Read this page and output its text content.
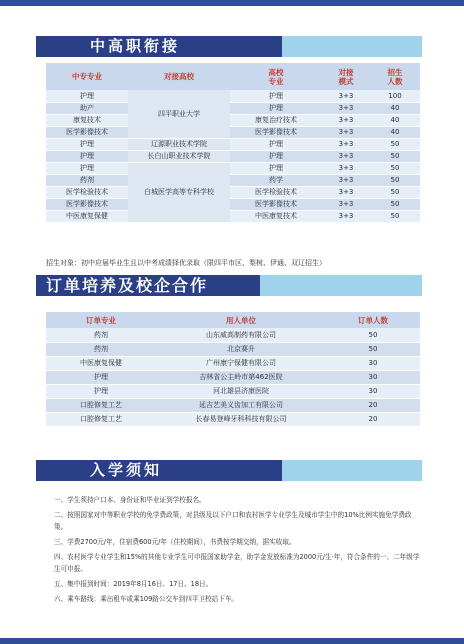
中高职衔接
中专专业	对接高校	高校专业	对接模式	招生人数
护理	四平职业大学	护理	3+3	100
助产		护理	3+3	40
康复技术		康复治疗技术	3+3	40
医学影像技术		医学影像技术	3+3	40
护理	辽源职业技术学院	护理	3+3	50
护理	长白山职业技术学院	护理	3+3	50
护理	白城医学高等专科学校	护理	3+3	50
药剂		药学	3+3	50
医学检验技术		医学检验技术	3+3	50
医学影像技术		医学影像技术	3+3	50
中医康复保健		中医康复技术	3+3	50
招生对象：初中应届毕业生且以中考成绩择优录取（限四平市区、梨树、伊通、双辽招生）
订单培养及校企合作
订单专业	用人单位	订单人数
药剂	山东威高制药有限公司	50
药剂	北京赛升	50
中医康复保健	广州康宁保健有限公司	30
护理	吉林省公主岭市第462医院	30
护理	河北雄县济康医院	30
口腔修复工艺	延吉艺美义齿加工有限公司	20
口腔修复工艺	长春易登峰牙科科技有限公司	20
入学须知

一、学生须持户口本、身份证和毕业证到学校报名。

二、按照国家对中等职业学校的免学费政策，对县级及以下户口和农村医学专业学生及城市学生中的10%比例实施免学费政策。

三、学费2700元/年，住宿费600元/年（住校期间），书费按学期交纳，据实收取。

四、农村医学专业学生和15%的其他专业学生可申报国家助学金，助学金发放标准为2000元/生·年，符合条件的一、二年级学生可申报。

五、集中报到时间：2019年8月16日、17日、18日。

六、乘车路线：乘出租车或乘109路公交车到四平卫校站下车。
